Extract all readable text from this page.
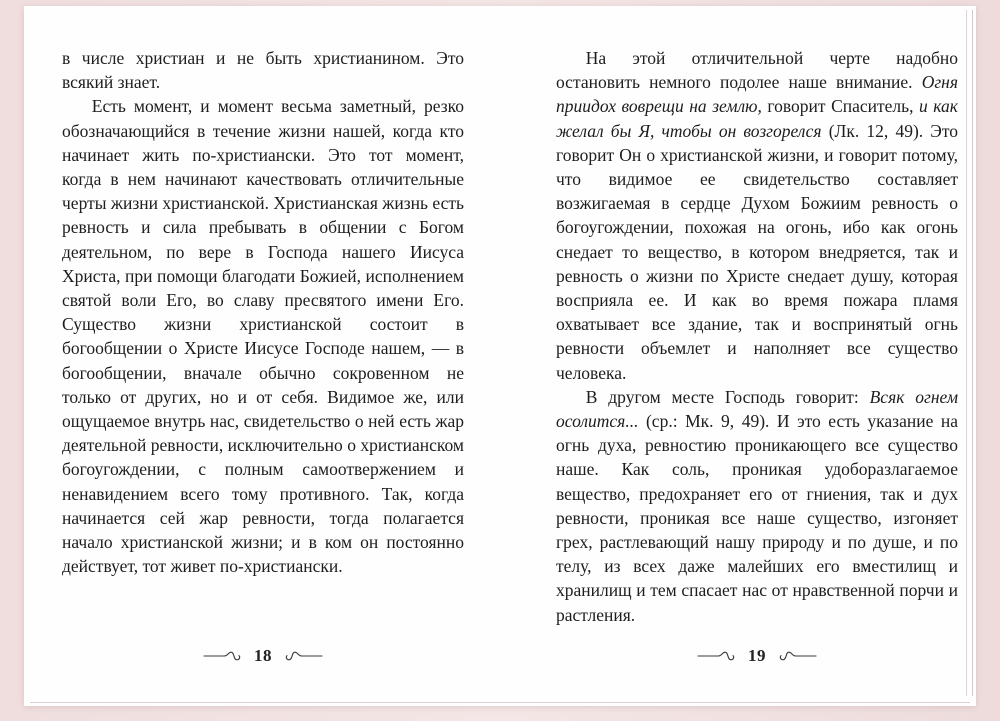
в числе христиан и не быть христианином. Это всякий знает.

Есть момент, и момент весьма заметный, резко обозначающийся в течение жизни нашей, когда кто начинает жить по-христиански. Это тот момент, когда в нем начинают качествовать отличительные черты жизни христианской. Христианская жизнь есть ревность и сила пребывать в общении с Богом деятельном, по вере в Господа нашего Иисуса Христа, при помощи благодати Божией, исполнением святой воли Его, во славу пресвятого имени Его. Существо жизни христианской состоит в богообщении о Христе Иисусе Господе нашем, — в богообщении, вначале обычно сокровенном не только от других, но и от себя. Видимое же, или ощущаемое внутрь нас, свидетельство о ней есть жар деятельной ревности, исключительно о христианском богоугождении, с полным самоотвержением и ненавидением всего тому противного. Так, когда начинается сей жар ревности, тогда полагается начало христианской жизни; и в ком он постоянно действует, тот живет по-христиански.

На этой отличительной черте надобно остановить немного подолее наше внимание. Огня приидох воврещи на землю, говорит Спаситель, и как желал бы Я, чтобы он возгорелся (Лк. 12, 49). Это говорит Он о христианской жизни, и говорит потому, что видимое ее свидетельство составляет возжигаемая в сердце Духом Божиим ревность о богоугождении, похожая на огонь, ибо как огонь снедает то вещество, в котором внедряется, так и ревность о жизни по Христе снедает душу, которая восприяла ее. И как во время пожара пламя охватывает все здание, так и воспринятый огнь ревности объемлет и наполняет все существо человека.

В другом месте Господь говорит: Всяк огнем осолится... (ср.: Мк. 9, 49). И это есть указание на огнь духа, ревностию проникающего все существо наше. Как соль, проникая удоборазлагаемое вещество, предохраняет его от гниения, так и дух ревности, проникая все наше существо, изгоняет грех, растлевающий нашу природу и по душе, и по телу, из всех даже малейших его вместилищ и хранилищ и тем спасает нас от нравственной порчи и растления.

18	19
